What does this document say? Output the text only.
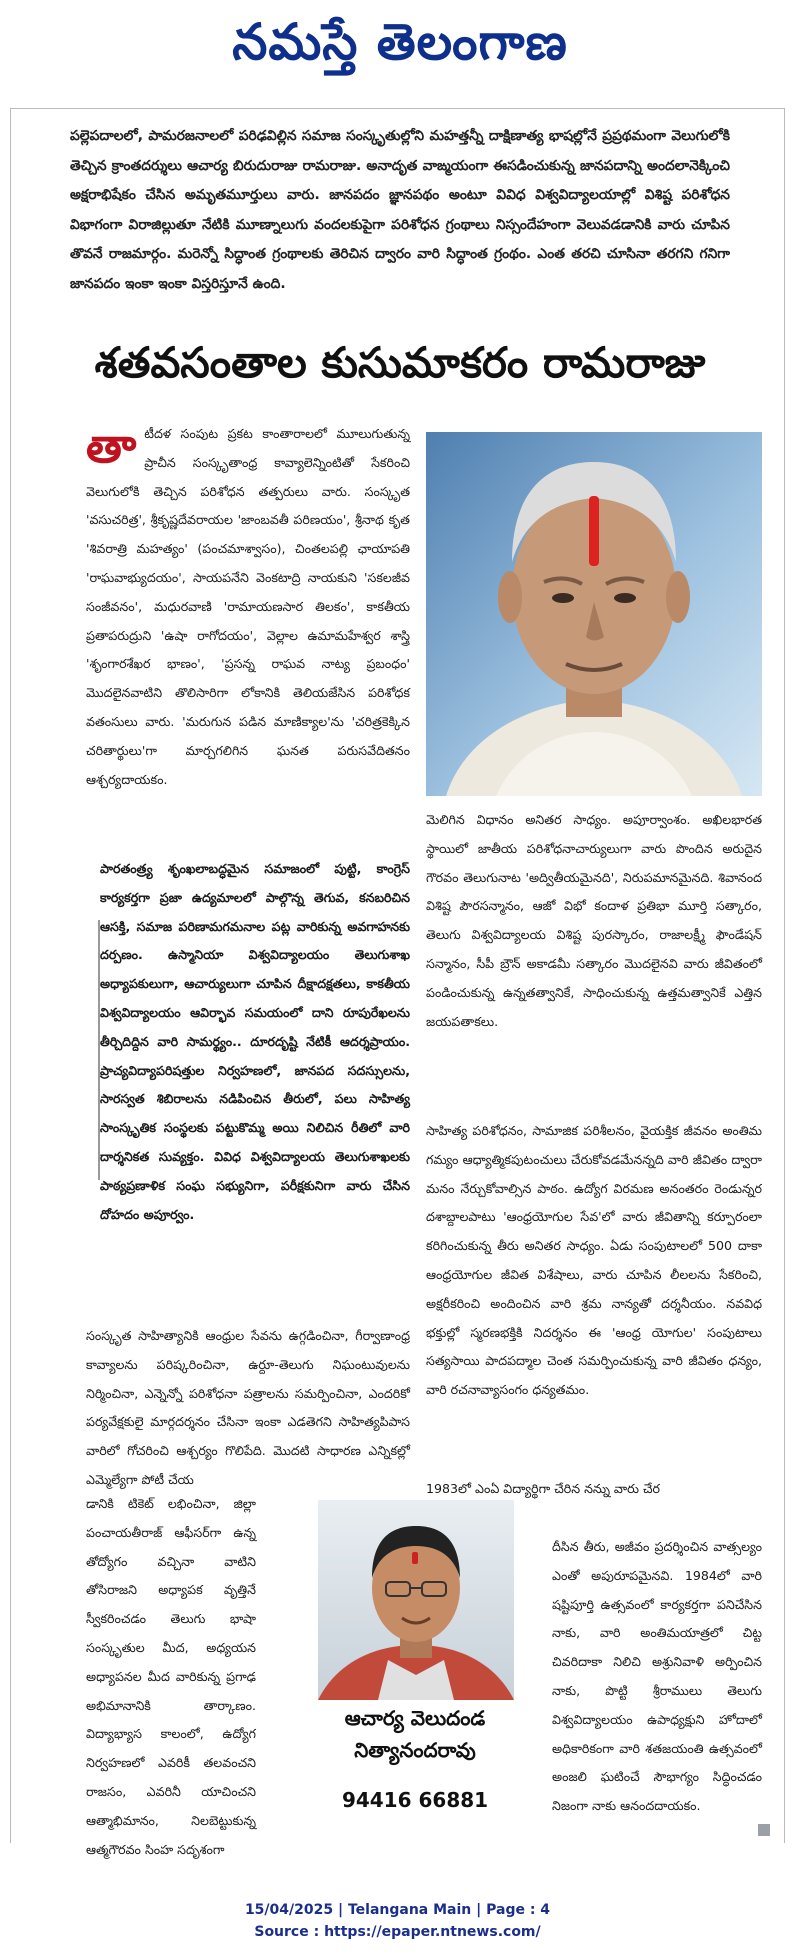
నమస్తే తెలంగాణ
పల్లెపదాలలో, పామరజనాలలో పరిఢవిల్లిన సమాజ సంస్కృతుల్లోని మహత్తన్నీ దాక్షిణాత్య భాషల్లోనే ప్రప్రథమంగా వెలుగులోకి తెచ్చిన క్రాంతదర్శులు ఆచార్య బిరుదురాజు రామరాజు. అనాదృత వాఙ్మయంగా ఈసడించుకున్న జానపదాన్ని అందలానెక్కించి అక్షరాభిషేకం చేసిన అమృతమూర్తులు వారు. జానపదం జ్ఞానపథం అంటూ వివిధ విశ్వవిద్యాలయాల్లో విశిష్ట పరిశోధన విభాగంగా విరాజిల్లుతూ నేటికి మూణ్నాలుగు వందలకుపైగా పరిశోధన గ్రంథాలు నిస్సందేహంగా వెలువడడానికి వారు చూపిన తొవనే రాజమార్గం. మరెన్నో సిద్ధాంత గ్రంథాలకు తెరిచిన ద్వారం వారి సిద్ధాంత గ్రంథం. ఎంత తరచి చూసినా తరగని గనిగా జానపదం ఇంకా ఇంకా విస్తరిస్తూనే ఉంది.
శతవసంతాల కుసుమాకరం రామరాజు
తా టీదళ సంపుట ప్రకట కాంతారాలలో మూలుగుతున్న ప్రాచీన సంస్కృతాంధ్ర కావ్యాలెన్నింటితో సేకరించి వెలుగులోకి తెచ్చిన పరిశోధన తత్పరులు వారు. సంస్కృత 'వసుచరిత్ర', శ్రీకృష్ణదేవరాయల 'జాంబవతీ పరిణయం', శ్రీనాథ కృత 'శివరాత్రి మహత్యం' (పంచమాశ్వాసం), చింతలపల్లి ఛాయాపతి 'రాఘవాభ్యుదయం', సాయపనేని వెంకటాద్రి నాయకుని 'సకలజీవ సంజీవనం', మధురవాణి 'రామాయణసార తిలకం', కాకతీయ ప్రతాపరుద్రుని 'ఉషా రాగోదయం', వెల్లాల ఉమామహేశ్వర శాస్త్రి 'శృంగారశేఖర భాణం', 'ప్రసన్న రాఘవ నాట్య ప్రబంధం' మొదలైనవాటిని తొలిసారిగా లోకానికి తెలియజేసిన పరిశోధక వతంసులు వారు. 'మరుగున పడిన మాణిక్యాల'ను 'చరిత్రకెక్కిన చరితార్థులు'గా మార్చగలిగిన ఘనత పరుసవేదితనం ఆశ్చర్యదాయకం.
పారతంత్ర్య శృంఖలాబద్ధమైన సమాజంలో పుట్టి, కాంగ్రెస్ కార్యకర్తగా ప్రజా ఉద్యమాలలో పాల్గొన్న తెగువ, కనబరిచిన ఆసక్తి, సమాజ పరిణామగమనాల పట్ల వారికున్న అవగాహనకు దర్పణం. ఉస్మానియా విశ్వవిద్యాలయం తెలుగుశాఖ అధ్యాపకులుగా, ఆచార్యులుగా చూపిన దీక్షాదక్షతలు, కాకతీయ విశ్వవిద్యాలయం ఆవిర్భావ సమయంలో దాని రూపురేఖలను తీర్చిదిద్దిన వారి సామర్థ్యం.. దూరదృష్టి నేటికీ ఆదర్శప్రాయం. ప్రాచ్యవిద్యాపరిషత్తుల నిర్వహణలో, జానపద సదస్సులను, సారస్వత శిబిరాలను నడిపించిన తీరులో, పలు సాహిత్య సాంస్కృతిక సంస్థలకు పట్టుకొమ్మ అయి నిలిచిన రీతిలో వారి దార్శనికత సువ్యక్తం. వివిధ విశ్వవిద్యాలయ తెలుగుశాఖలకు పాఠ్యప్రణాళిక సంఘ సభ్యునిగా, పరీక్షకునిగా వారు చేసిన దోహదం అపూర్వం.
సంస్కృత సాహిత్యానికి ఆంధ్రుల సేవను ఉగ్గడించినా, గీర్వాణాంధ్ర కావ్యాలను పరిష్కరించినా, ఉర్దూ-తెలుగు నిఘంటువులను నిర్మించినా, ఎన్నెన్నో పరిశోధనా పత్రాలను సమర్పించినా, ఎందరికో పర్యవేక్షకులై మార్గదర్శనం చేసినా ఇంకా ఎడతెగని సాహిత్యపిపాస వారిలో గోచరించి ఆశ్చర్యం గొలిపేది. మొదటి సాధారణ ఎన్నికల్లో ఎమ్మెల్యేగా పోటీ చేయ
డానికి టికెట్ లభించినా, జిల్లా పంచాయతీరాజ్ ఆఫీసర్‌గా ఉన్న తోద్యోగం వచ్చినా వాటిని తోసిరాజని అధ్యాపక వృత్తినే స్వీకరించడం తెలుగు భాషా సంస్కృతుల మీద, అధ్యయన అధ్యాపనల మీద వారికున్న ప్రగాఢ అభిమానానికి తార్కాణం. విద్యాభ్యాస కాలంలో, ఉద్యోగ నిర్వహణలో ఎవరికీ తలవంచని రాజసం, ఎవరినీ యాచించని ఆత్మాభిమానం, నిలబెట్టుకున్న ఆత్మగౌరవం సింహ సదృశంగా
మెలిగిన విధానం అనితర సాధ్యం. అపూర్వాంశం. అఖిలభారత స్థాయిలో జాతీయ పరిశోధనాచార్యులుగా వారు పొందిన అరుదైన గౌరవం తెలుగునాట 'అద్వితీయమైనది', నిరుపమానమైనది. శివానంద విశిష్ట పౌరసన్మానం, ఆజో విభో కందాళ ప్రతిభా మూర్తి సత్కారం, తెలుగు విశ్వవిద్యాలయ విశిష్ట పురస్కారం, రాజాలక్ష్మీ ఫౌండేషన్ సన్మానం, సీపీ బ్రౌన్ అకాడమీ సత్కారం మొదలైనవి వారు జీవితంలో పండించుకున్న ఉన్నతత్వానికే, సాధించుకున్న ఉత్తమత్వానికే ఎత్తిన జయపతాకలు.
సాహిత్య పరిశోధనం, సామాజిక పరిశీలనం, వైయక్తిక జీవనం అంతిమ గమ్యం ఆధ్యాత్మికపుటంచులు చేరుకోవడమేనన్నది వారి జీవితం ద్వారా మనం నేర్చుకోవాల్సిన పాఠం. ఉద్యోగ విరమణ అనంతరం రెండున్నర దశాబ్దాలపాటు 'ఆంధ్రయోగుల సేవ'లో వారు జీవితాన్ని కర్పూరంలా కరిగించుకున్న తీరు అనితర సాధ్యం. ఏడు సంపుటాలలో 500 దాకా ఆంధ్రయోగుల జీవిత విశేషాలు, వారు చూపిన లీలలను సేకరించి, అక్షరీకరించి అందించిన వారి శ్రమ నాన్యతో దర్శనీయం. నవవిధ భక్తుల్లో స్మరణభక్తికి నిదర్శనం ఈ 'ఆంధ్ర యోగుల' సంపుటాలు సత్యసాయి పాదపద్మాల చెంత సమర్పించుకున్న వారి జీవితం ధన్యం, వారి రచనావ్యాసంగం ధన్యతమం.
1983లో ఎంఏ విద్యార్థిగా చేరిన నన్ను వారు చేర
దీసిన తీరు, అజీవం ప్రదర్శించిన వాత్సల్యం ఎంతో అపురూపమైనవి. 1984లో వారి షష్టిపూర్తి ఉత్సవంలో కార్యకర్తగా పనిచేసిన నాకు, వారి అంతిమయాత్రలో చిట్ట చివరిదాకా నిలిచి అశ్రునివాళి అర్పించిన నాకు, పొట్టి శ్రీరాములు తెలుగు విశ్వవిద్యాలయం ఉపాధ్యక్షుని హోదాలో అధికారికంగా వారి శతజయంతి ఉత్సవంలో అంజలి ఘటించే సౌభాగ్యం సిద్ధించడం నిజంగా నాకు ఆనందదాయకం.
ఆచార్య వెలుదండ
నిత్యానందరావు
94416 66881
15/04/2025 | Telangana Main | Page : 4
Source : https://epaper.ntnews.com/
